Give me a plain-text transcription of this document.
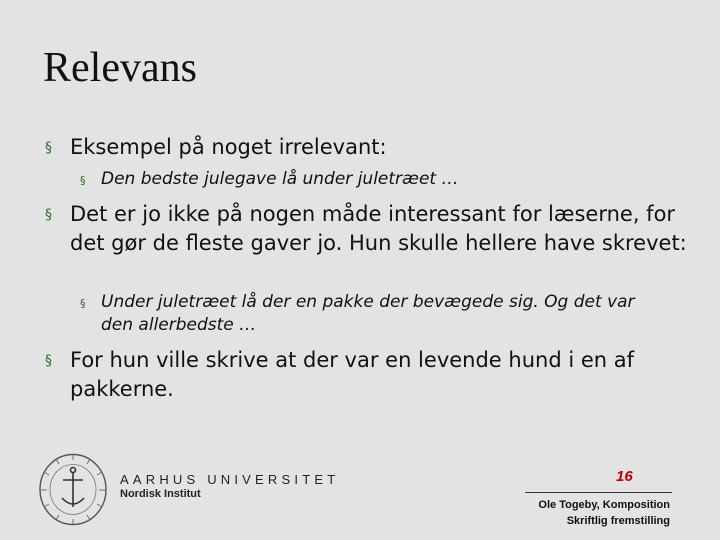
Relevans
§ Eksempel på noget irrelevant:
§ Den bedste julegave lå under juletræet …
§ Det er jo ikke på nogen måde interessant for læserne, for det gør de fleste gaver jo. Hun skulle hellere have skrevet:
§ Under juletræet lå der en pakke der bevægede sig. Og det var den allerbedste …
§ For hun ville skrive at der var en levende hund i en af pakkerne.
AARHUS UNIVERSITET
Nordisk Institut
16
Ole Togeby, Komposition
Skriftlig fremstilling
